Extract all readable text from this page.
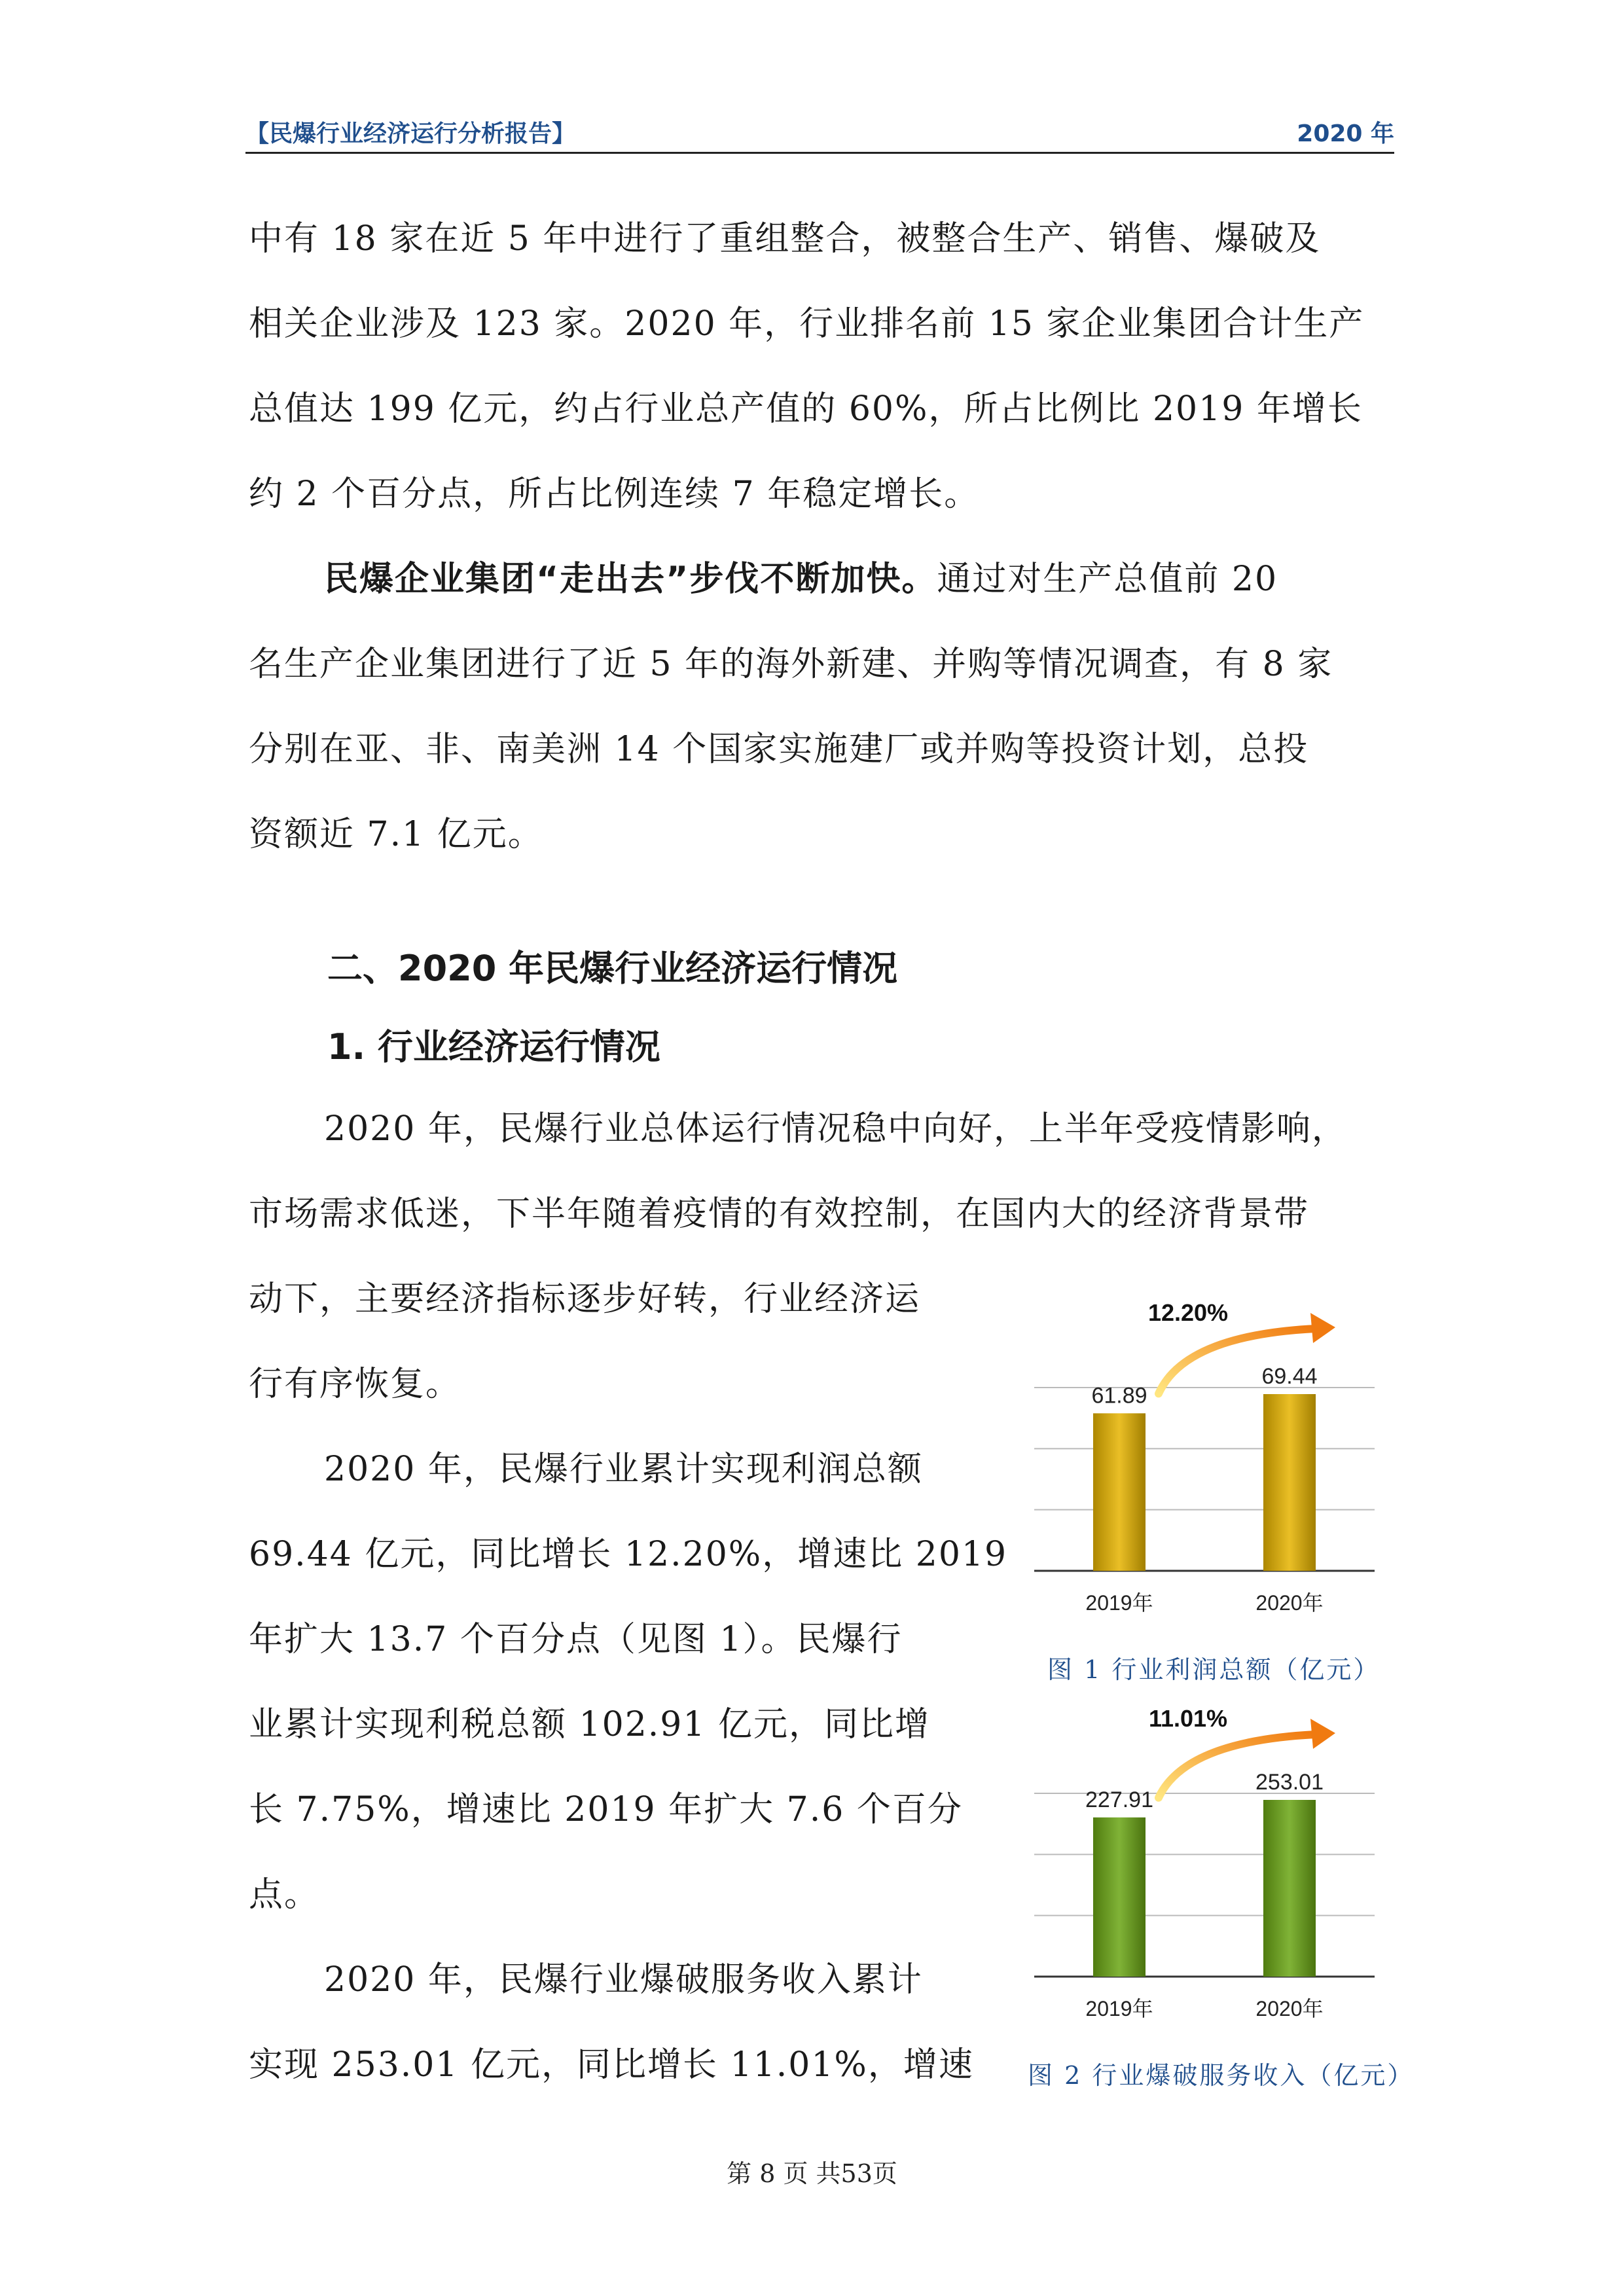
【民爆行业经济运行分析报告】	2020 年
中有 18 家在近 5 年中进行了重组整合，被整合生产、销售、爆破及
相关企业涉及 123 家。2020 年，行业排名前 15 家企业集团合计生产
总值达 199 亿元，约占行业总产值的 60%，所占比例比 2019 年增长
约 2 个百分点，所占比例连续 7 年稳定增长。
民爆企业集团“走出去”步伐不断加快。通过对生产总值前 20
名生产企业集团进行了近 5 年的海外新建、并购等情况调查，有 8 家
分别在亚、非、南美洲 14 个国家实施建厂或并购等投资计划，总投
资额近 7.1 亿元。
二、2020 年民爆行业经济运行情况
1. 行业经济运行情况
2020 年，民爆行业总体运行情况稳中向好，上半年受疫情影响，
市场需求低迷，下半年随着疫情的有效控制，在国内大的经济背景带
动下，主要经济指标逐步好转，行业经济运
行有序恢复。
2020 年，民爆行业累计实现利润总额
69.44 亿元，同比增长 12.20%，增速比 2019
年扩大 13.7 个百分点（见图 1）。民爆行
业累计实现利税总额 102.91 亿元，同比增
长 7.75%，增速比 2019 年扩大 7.6 个百分
点。
2020 年，民爆行业爆破服务收入累计
实现 253.01 亿元，同比增长 11.01%，增速
61.89
2019年
69.44
2020年
12.20%
图 1 行业利润总额（亿元）
227.91
2019年
253.01
2020年
11.01%
图 2 行业爆破服务收入（亿元）
第 8 页 共53页
